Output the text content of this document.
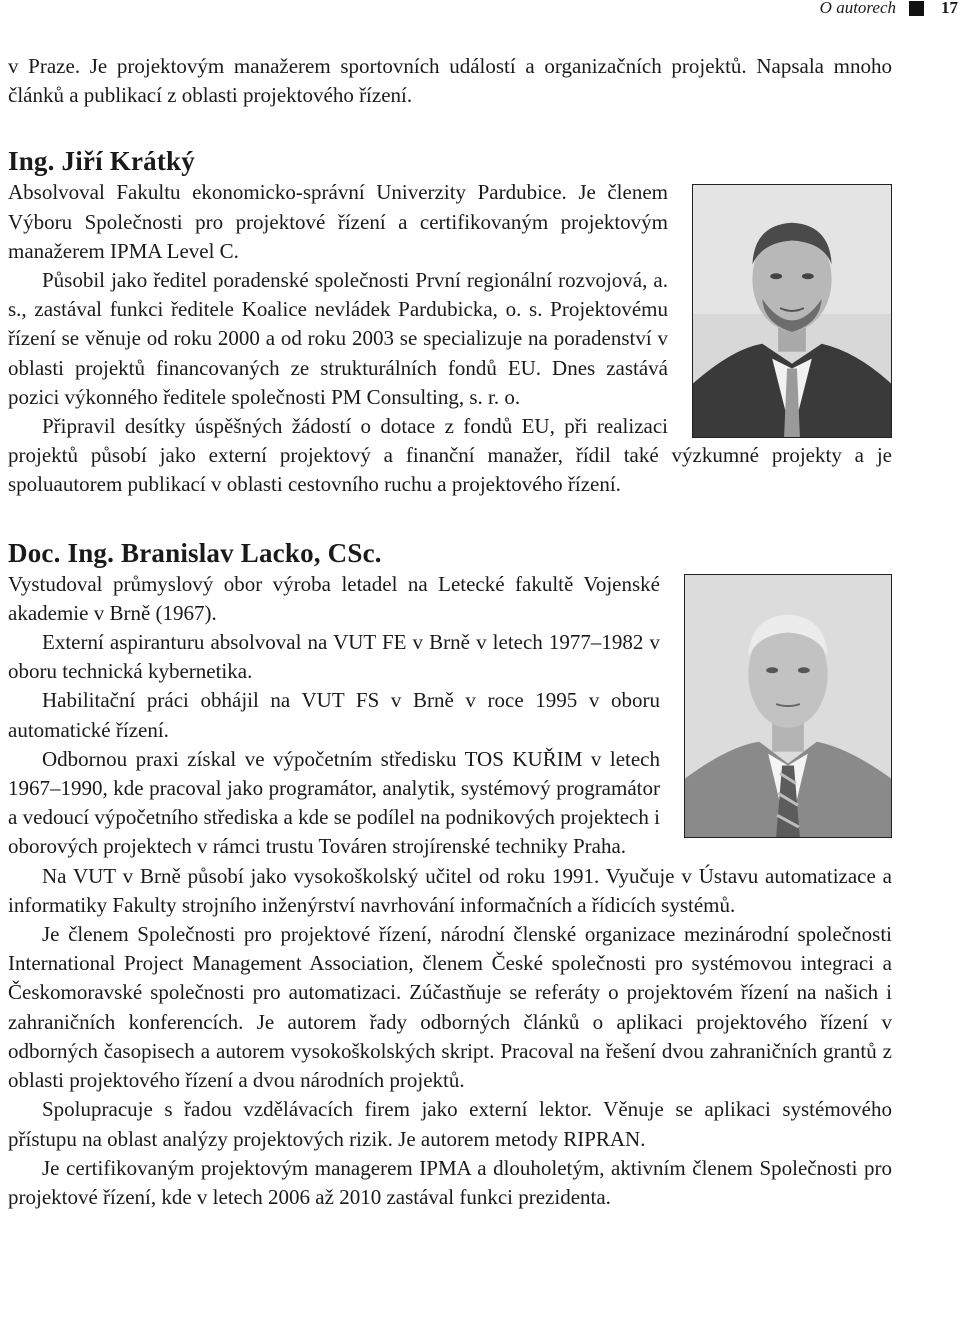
O autorech	17

v Praze. Je projektovým manažerem sportovních událostí a organizačních projektů. Napsala mnoho článků a publikací z oblasti projektového řízení.

Ing. Jiří Krátký

Absolvoval Fakultu ekonomicko-správní Univerzity Pardubice. Je členem Výboru Společnosti pro projektové řízení a certifikovaným projektovým manažerem IPMA Level C.

Působil jako ředitel poradenské společnosti První regionální rozvojová, a. s., zastával funkci ředitele Koalice nevládek Pardubicka, o. s. Projektovému řízení se věnuje od roku 2000 a od roku 2003 se specializuje na poradenství v oblasti projektů financovaných ze strukturálních fondů EU. Dnes zastává pozici výkonného ředitele společnosti PM Consulting, s. r. o.

Připravil desítky úspěšných žádostí o dotace z fondů EU, při realizaci projektů působí jako externí projektový a finanční manažer, řídil také výzkumné projekty a je spoluautorem publikací v oblasti cestovního ruchu a projektového řízení.

Doc. Ing. Branislav Lacko, CSc.

Vystudoval průmyslový obor výroba letadel na Letecké fakultě Vojenské akademie v Brně (1967).

Externí aspiranturu absolvoval na VUT FE v Brně v letech 1977–1982 v oboru technická kybernetika.

Habilitační práci obhájil na VUT FS v Brně v roce 1995 v oboru automatické řízení.

Odbornou praxi získal ve výpočetním středisku TOS KUŘIM v letech 1967–1990, kde pracoval jako programátor, analytik, systémový programátor a vedoucí výpočetního střediska a kde se podílel na podnikových projektech i oborových projektech v rámci trustu Továren strojírenské techniky Praha.

Na VUT v Brně působí jako vysokoškolský učitel od roku 1991. Vyučuje v Ústavu automatizace a informatiky Fakulty strojního inženýrství navrhování informačních a řídicích systémů.

Je členem Společnosti pro projektové řízení, národní členské organizace mezinárodní společnosti International Project Management Association, členem České společnosti pro systémovou integraci a Českomoravské společnosti pro automatizaci. Zúčastňuje se referáty o projektovém řízení na našich i zahraničních konferencích. Je autorem řady odborných článků o aplikaci projektového řízení v odborných časopisech a autorem vysokoškolských skript. Pracoval na řešení dvou zahraničních grantů z oblasti projektového řízení a dvou národních projektů.

Spolupracuje s řadou vzdělávacích firem jako externí lektor. Věnuje se aplikaci systémového přístupu na oblast analýzy projektových rizik. Je autorem metody RIPRAN.

Je certifikovaným projektovým managerem IPMA a dlouholetým, aktivním členem Společnosti pro projektové řízení, kde v letech 2006 až 2010 zastával funkci prezidenta.
